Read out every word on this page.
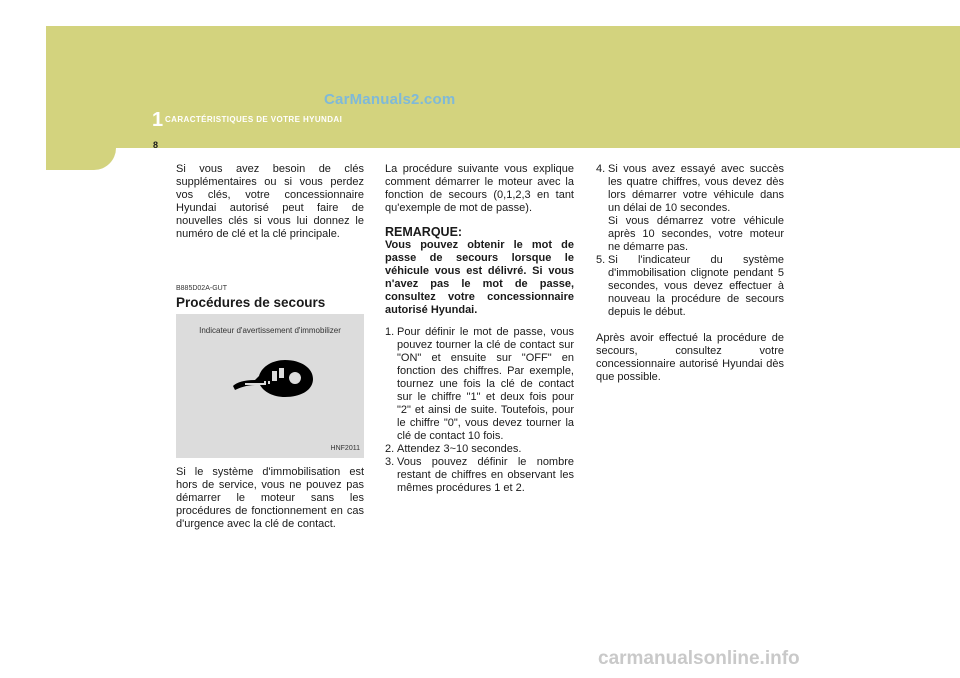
CarManuals2.com
1 CARACTÉRISTIQUES DE VOTRE HYUNDAI
8

Si vous avez besoin de clés supplémentaires ou si vous perdez vos clés, votre concessionnaire Hyundai autorisé peut faire de nouvelles clés si vous lui donnez le numéro de clé et la clé principale.

B885D02A-GUT
Procédures de secours
Indicateur d'avertissement d'immobilizer
HNF2011

Si le système d'immobilisation est hors de service, vous ne pouvez pas démarrer le moteur sans les procédures de fonctionnement en cas d'urgence avec la clé de contact.

La procédure suivante vous explique comment démarrer le moteur avec la fonction de secours (0,1,2,3 en tant qu'exemple de mot de passe).

REMARQUE:

Vous pouvez obtenir le mot de passe de secours lorsque le véhicule vous est délivré. Si vous n'avez pas le mot de passe, consultez votre concessionnaire autorisé Hyundai.

1. Pour définir le mot de passe, vous pouvez tourner la clé de contact sur "ON" et ensuite sur "OFF" en fonction des chiffres. Par exemple, tournez une fois la clé de contact sur le chiffre "1" et deux fois pour "2" et ainsi de suite. Toutefois, pour le chiffre "0", vous devez tourner la clé de contact 10 fois.
2. Attendez 3~10 secondes.
3. Vous pouvez définir le nombre restant de chiffres en observant les mêmes procédures 1 et 2.
4. Si vous avez essayé avec succès les quatre chiffres, vous devez dès lors démarrer votre véhicule dans un délai de 10 secondes.
Si vous démarrez votre véhicule après 10 secondes, votre moteur ne démarre pas.
5. Si l'indicateur du système d'immobilisation clignote pendant 5 secondes, vous devez effectuer à nouveau la procédure de secours depuis le début.

Après avoir effectué la procédure de secours, consultez votre concessionnaire autorisé Hyundai dès que possible.

carmanualsonline.info
